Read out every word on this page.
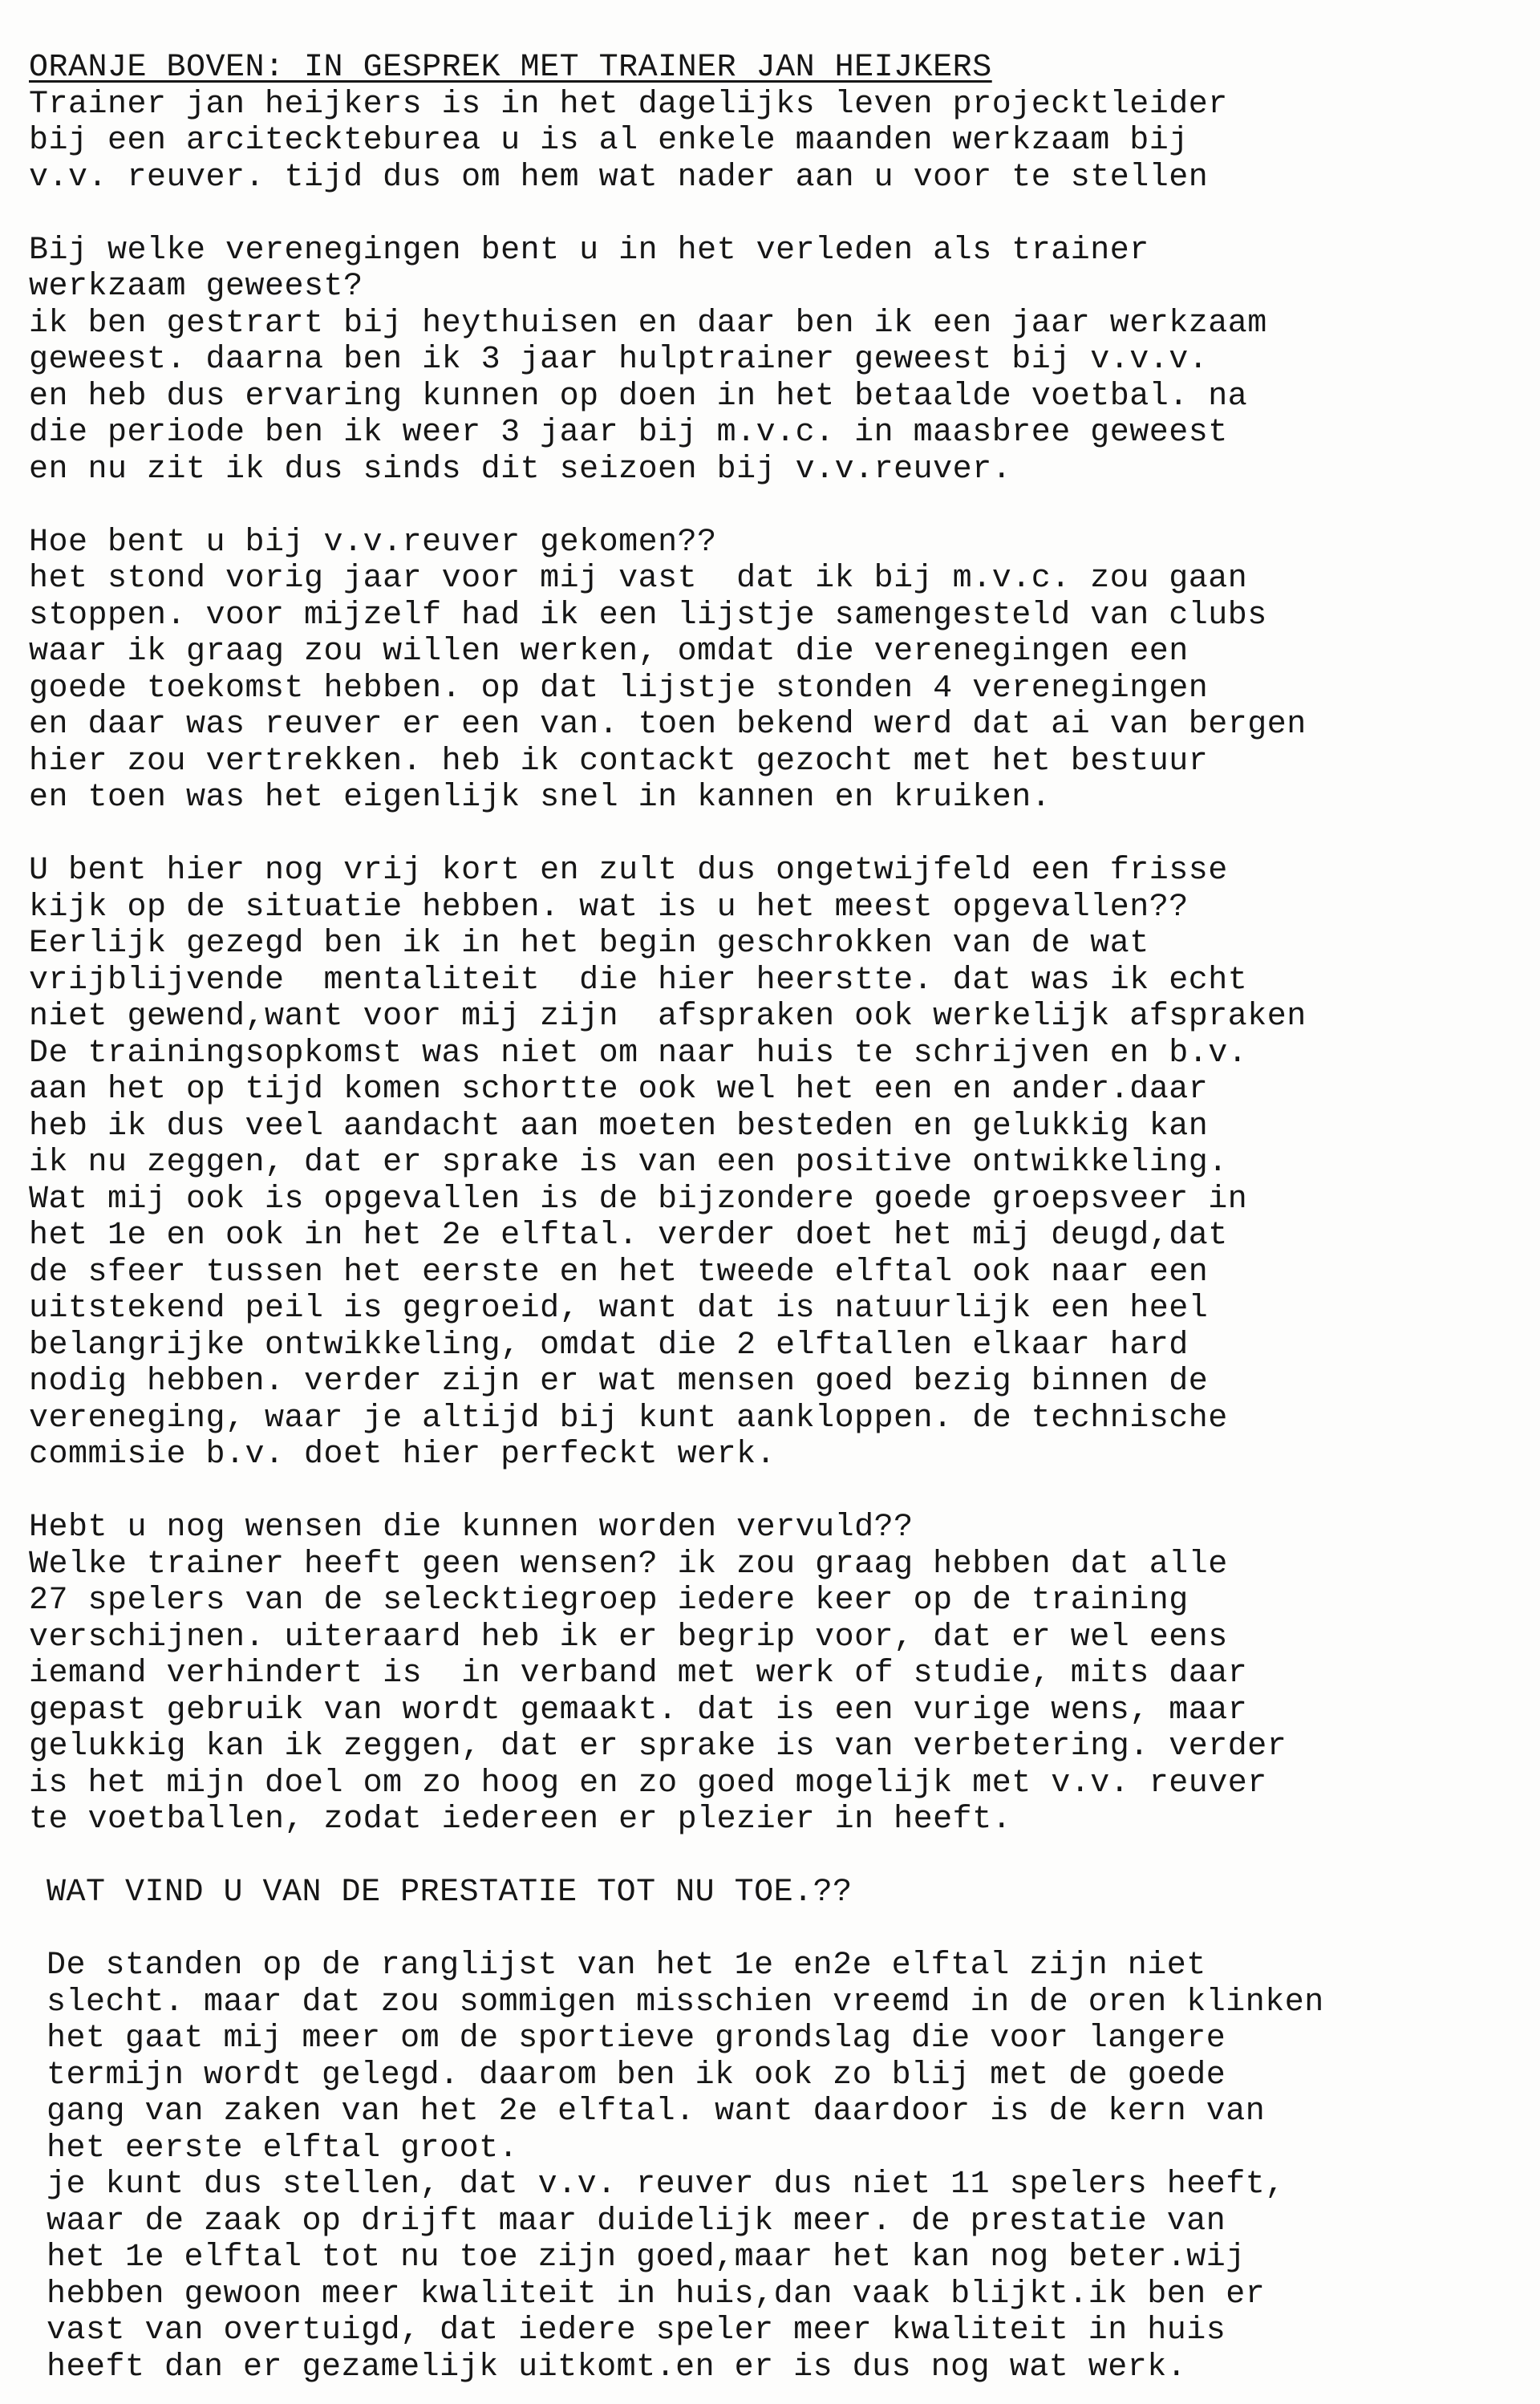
ORANJE BOVEN: IN GESPREK MET TRAINER JAN HEIJKERS
Trainer jan heijkers is in het dagelijks leven projecktleider
bij een arciteckteburea u is al enkele maanden werkzaam bij
v.v. reuver. tijd dus om hem wat nader aan u voor te stellen
Bij welke verenegingen bent u in het verleden als trainer
werkzaam geweest?
ik ben gestrart bij heythuisen en daar ben ik een jaar werkzaam
geweest. daarna ben ik 3 jaar hulptrainer geweest bij v.v.v.
en heb dus ervaring kunnen op doen in het betaalde voetbal. na
die periode ben ik weer 3 jaar bij m.v.c. in maasbree geweest
en nu zit ik dus sinds dit seizoen bij v.v.reuver.
Hoe bent u bij v.v.reuver gekomen??
het stond vorig jaar voor mij vast  dat ik bij m.v.c. zou gaan
stoppen. voor mijzelf had ik een lijstje samengesteld van clubs
waar ik graag zou willen werken, omdat die verenegingen een
goede toekomst hebben. op dat lijstje stonden 4 verenegingen
en daar was reuver er een van. toen bekend werd dat ai van bergen
hier zou vertrekken. heb ik contackt gezocht met het bestuur
en toen was het eigenlijk snel in kannen en kruiken.
U bent hier nog vrij kort en zult dus ongetwijfeld een frisse
kijk op de situatie hebben. wat is u het meest opgevallen??
Eerlijk gezegd ben ik in het begin geschrokken van de wat
vrijblijvende  mentaliteit  die hier heerstte. dat was ik echt
niet gewend,want voor mij zijn  afspraken ook werkelijk afspraken
De trainingsopkomst was niet om naar huis te schrijven en b.v.
aan het op tijd komen schortte ook wel het een en ander.daar
heb ik dus veel aandacht aan moeten besteden en gelukkig kan
ik nu zeggen, dat er sprake is van een positive ontwikkeling.
Wat mij ook is opgevallen is de bijzondere goede groepsveer in
het 1e en ook in het 2e elftal. verder doet het mij deugd,dat
de sfeer tussen het eerste en het tweede elftal ook naar een
uitstekend peil is gegroeid, want dat is natuurlijk een heel
belangrijke ontwikkeling, omdat die 2 elftallen elkaar hard
nodig hebben. verder zijn er wat mensen goed bezig binnen de
vereneging, waar je altijd bij kunt aankloppen. de technische
commisie b.v. doet hier perfeckt werk.
Hebt u nog wensen die kunnen worden vervuld??
Welke trainer heeft geen wensen? ik zou graag hebben dat alle
27 spelers van de selecktiegroep iedere keer op de training
verschijnen. uiteraard heb ik er begrip voor, dat er wel eens
iemand verhindert is  in verband met werk of studie, mits daar
gepast gebruik van wordt gemaakt. dat is een vurige wens, maar
gelukkig kan ik zeggen, dat er sprake is van verbetering. verder
is het mijn doel om zo hoog en zo goed mogelijk met v.v. reuver
te voetballen, zodat iedereen er plezier in heeft.
WAT VIND U VAN DE PRESTATIE TOT NU TOE.??
De standen op de ranglijst van het 1e en2e elftal zijn niet
slecht. maar dat zou sommigen misschien vreemd in de oren klinken
het gaat mij meer om de sportieve grondslag die voor langere
termijn wordt gelegd. daarom ben ik ook zo blij met de goede
gang van zaken van het 2e elftal. want daardoor is de kern van
het eerste elftal groot.
je kunt dus stellen, dat v.v. reuver dus niet 11 spelers heeft,
waar de zaak op drijft maar duidelijk meer. de prestatie van
het 1e elftal tot nu toe zijn goed,maar het kan nog beter.wij
hebben gewoon meer kwaliteit in huis,dan vaak blijkt.ik ben er
vast van overtuigd, dat iedere speler meer kwaliteit in huis
heeft dan er gezamelijk uitkomt.en er is dus nog wat werk.
